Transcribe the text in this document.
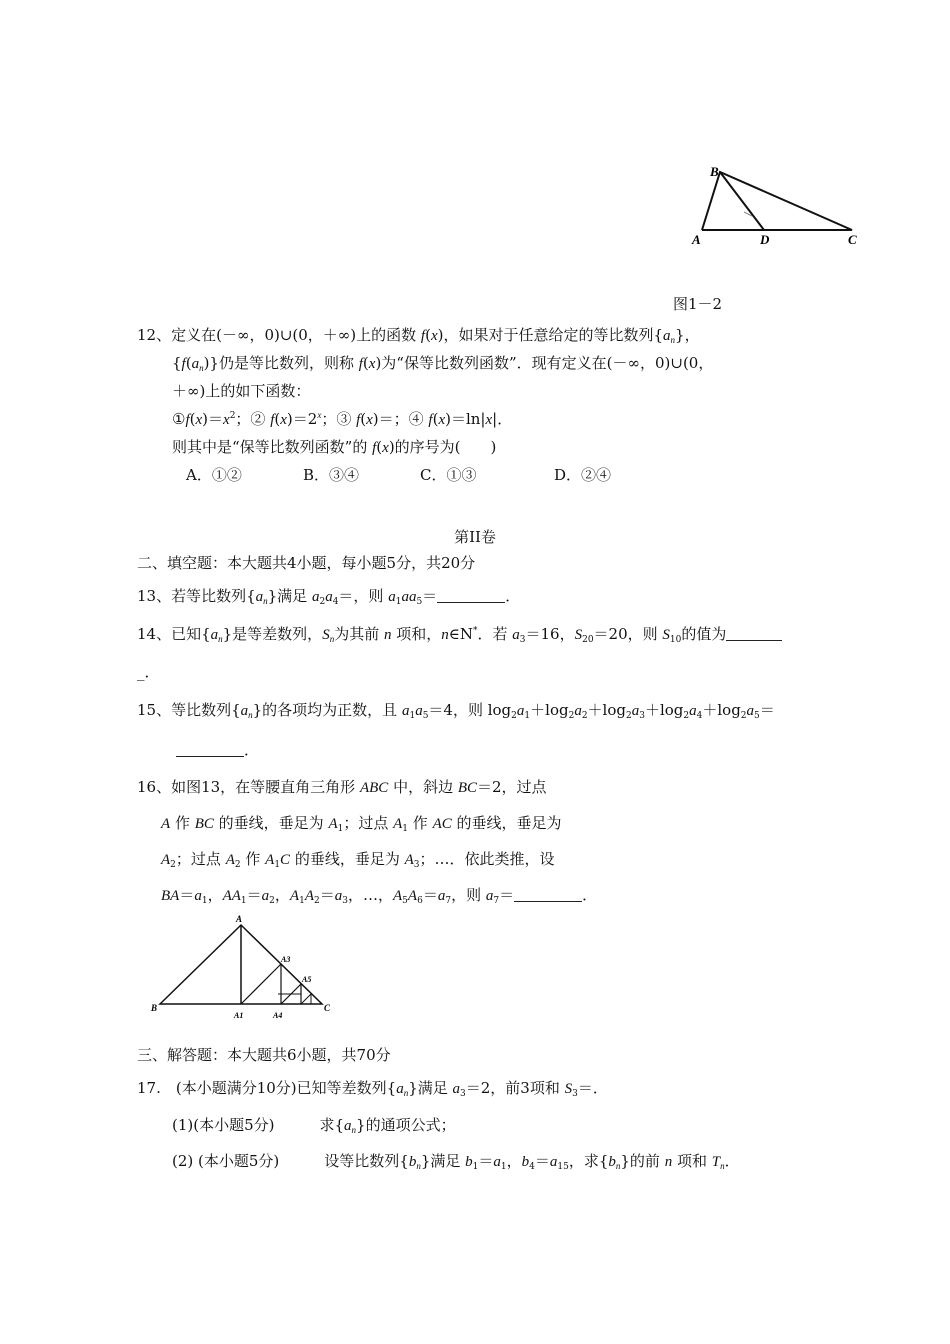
B
A	D	C
图1－2
12、定义在(－∞，0)∪(0，＋∞)上的函数 f(x)，如果对于任意给定的等比数列$\{a_n\}$，
$\{f(a_n)\}$仍是等比数列，则称 f(x)为“保等比数列函数”．现有定义在(－∞，0)∪(0，
＋∞)上的如下函数：
$①f(x)=x^2$；② $f(x)=2^x$；③ f(x)＝；④ f(x)＝ln|x|．
则其中是“保等比数列函数”的 f(x)的序号为(　　)
A．①②	B．③④	C．①③	D．②④
第II卷
二、填空题：本大题共4小题，每小题5分，共20分
13、若等比数列$\{a_n\}$满足 $a_2a_4=$，则 $a_1aa_5=$	．
14、已知$\{a_n\}$是等差数列，$S_n$为其前 n 项和，n∈N*．若 $a_3=16$，$S_{20}=20$，则 $S_{10}$的值为
_．
15、等比数列$\{a_n\}$的各项均为正数，且 $a_1a_5=4$，则 $\log_2a_1+\log_2a_2+\log_2a_3+\log_2a_4+\log_2a_5=$
．
16、如图13，在等腰直角三角形 ABC 中，斜边 BC＝2，过点
A 作 BC 的垂线，垂足为 $A_1$；过点 $A_1$ 作 AC 的垂线，垂足为
$A_2$；过点 $A_2$ 作 $A_1C$ 的垂线，垂足为 $A_3$；…．依此类推，设
$BA=a_1$，$AA_1=a_2$，$A_1A_2=a_3$，…，$A_5A_6=a_7$，则 $a_7=$	．
A
B	C
A1
A3
A4
A5
三、解答题：本大题共6小题，共70分
17.　(本小题满分10分)已知等差数列$\{a_n\}$满足 $a_3=2$，前3项和 $S_3=$．
(1)(本小题5分)　　　求$\{a_n\}$的通项公式；
(2) (本小题5分)　　　设等比数列$\{b_n\}$满足 $b_1=a_1$，$b_4=a_{15}$，求$\{b_n\}$的前 n 项和 $T_n$．
